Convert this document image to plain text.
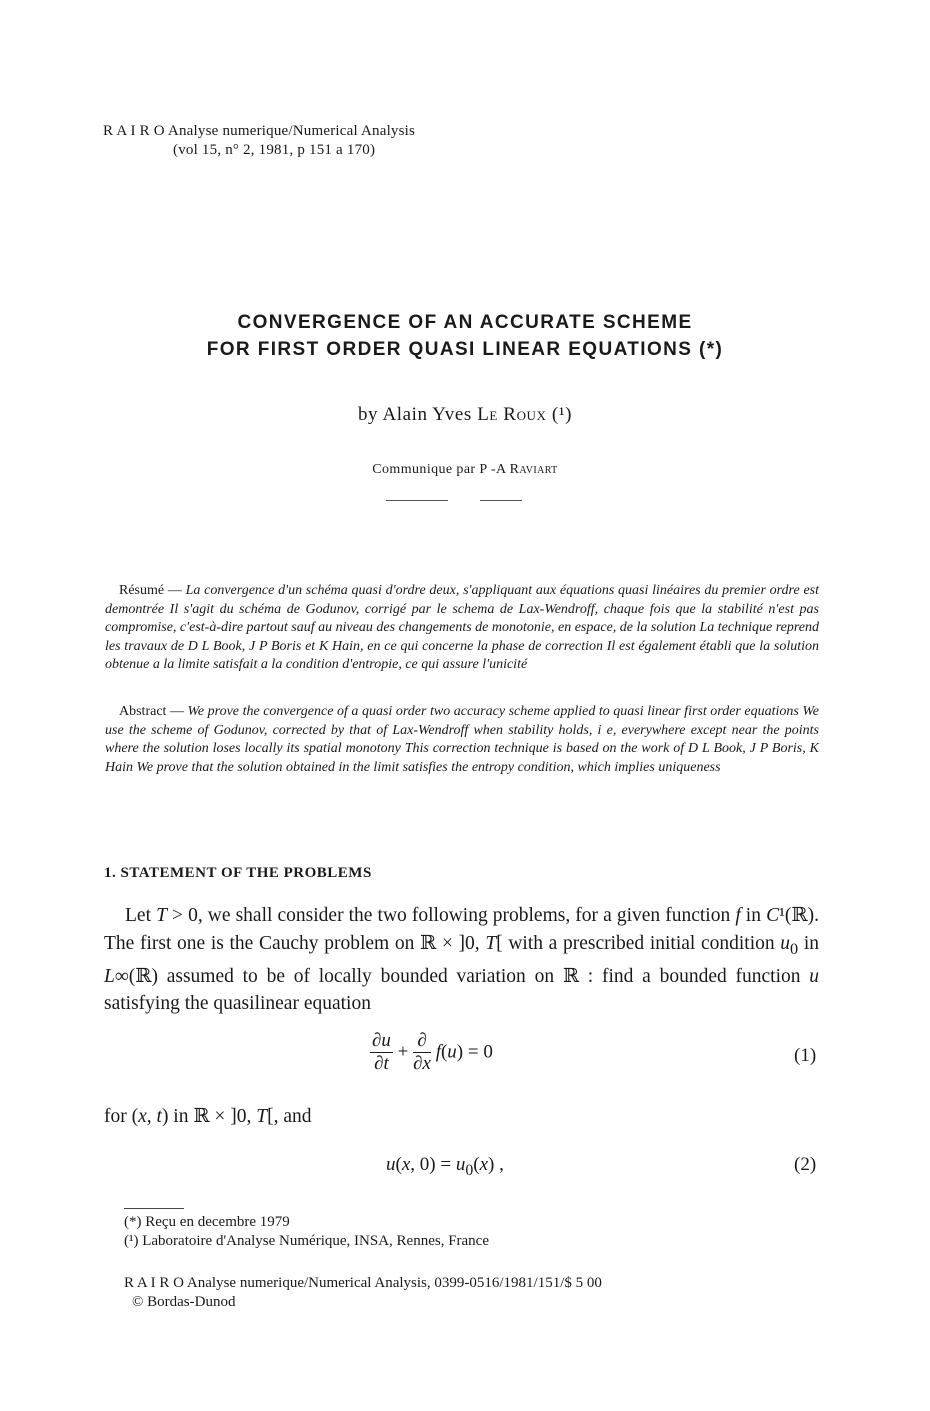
R A I R O Analyse numerique/Numerical Analysis
(vol 15, n° 2, 1981, p 151 a 170)
CONVERGENCE OF AN ACCURATE SCHEME
FOR FIRST ORDER QUASI LINEAR EQUATIONS (*)
by Alain Yves Le Roux (¹)
Communique par P -A Raviart
Résumé — La convergence d'un schéma quasi d'ordre deux, s'appliquant aux équations quasi linéaires du premier ordre est demontrée Il s'agit du schéma de Godunov, corrigé par le schema de Lax-Wendroff, chaque fois que la stabilité n'est pas compromise, c'est-à-dire partout sauf au niveau des changements de monotonie, en espace, de la solution La technique reprend les travaux de D L Book, J P Boris et K Hain, en ce qui concerne la phase de correction Il est également établi que la solution obtenue a la limite satisfait a la condition d'entropie, ce qui assure l'unicité
Abstract — We prove the convergence of a quasi order two accuracy scheme applied to quasi linear first order equations We use the scheme of Godunov, corrected by that of Lax-Wendroff when stability holds, i e, everywhere except near the points where the solution loses locally its spatial monotony This correction technique is based on the work of D L Book, J P Boris, K Hain We prove that the solution obtained in the limit satisfies the entropy condition, which implies uniqueness
1. STATEMENT OF THE PROBLEMS
Let T > 0, we shall consider the two following problems, for a given function f in C¹(ℝ). The first one is the Cauchy problem on ℝ × ]0, T[ with a prescribed initial condition $u_0$ in L∞(ℝ) assumed to be of locally bounded variation on ℝ : find a bounded function u satisfying the quasilinear equation
$\frac{\partial u}{\partial t} + \frac{\partial}{\partial x} f(u) = 0$	(1)
for (x, t) in ℝ × ]0, T[, and
u(x, $0) = u_0(x)$ ,	(2)
(*) Reçu en decembre 1979
(¹) Laboratoire d'Analyse Numérique, INSA, Rennes, France
R A I R O Analyse numerique/Numerical Analysis, 0399-0516/1981/151/$ 5 00
© Bordas-Dunod
